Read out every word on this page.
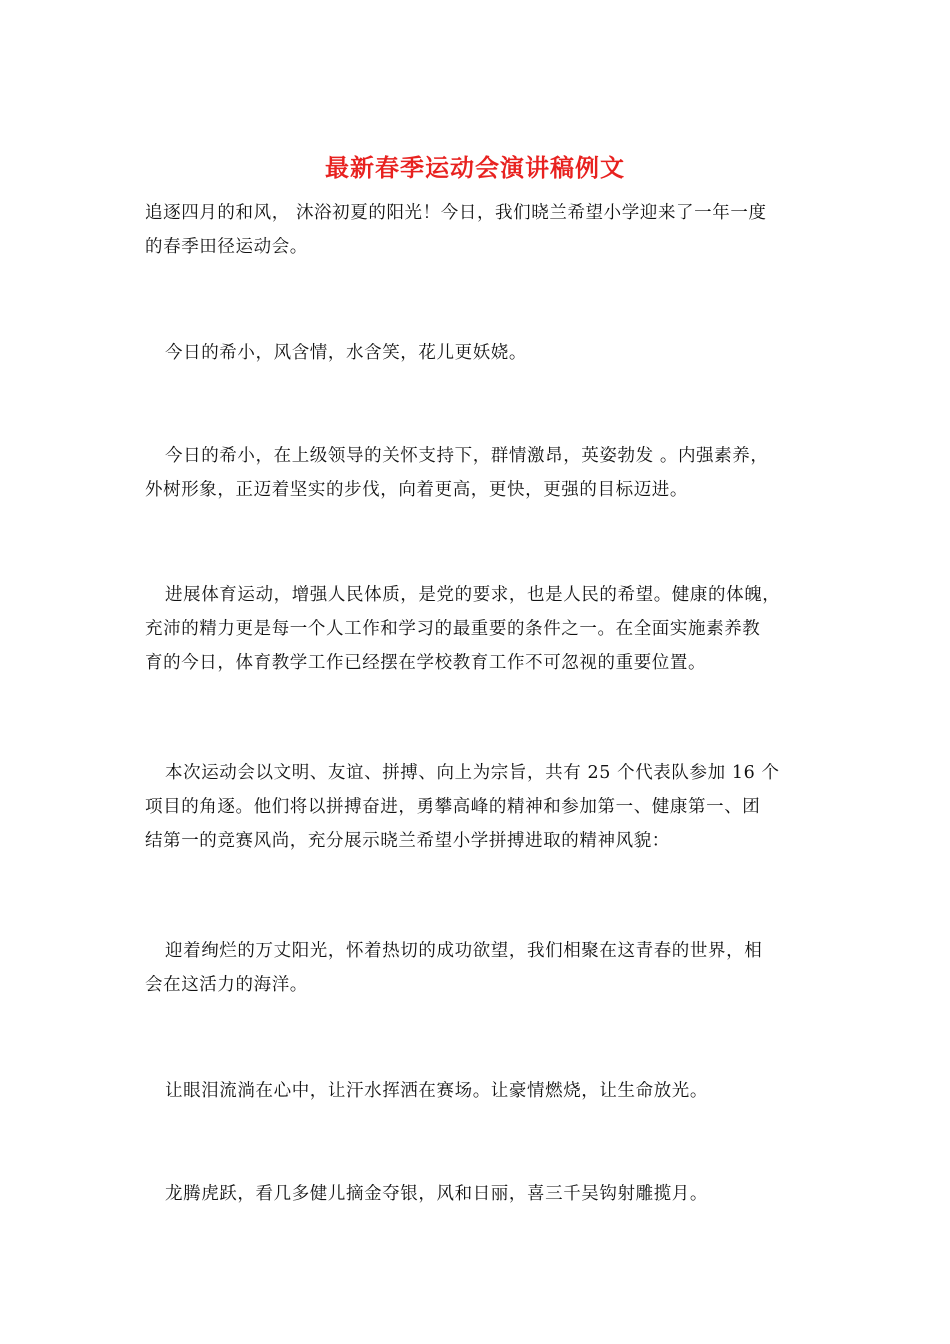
最新春季运动会演讲稿例文

追逐四月的和风， 沐浴初夏的阳光！今日，我们晓兰希望小学迎来了一年一度
的春季田径运动会。

今日的希小，风含情，水含笑，花儿更妖娆。

今日的希小，在上级领导的关怀支持下，群情激昂，英姿勃发 。内强素养，
外树形象，正迈着坚实的步伐，向着更高，更快，更强的目标迈进。

进展体育运动，增强人民体质，是党的要求，也是人民的希望。健康的体魄，
充沛的精力更是每一个人工作和学习的最重要的条件之一。在全面实施素养教
育的今日，体育教学工作已经摆在学校教育工作不可忽视的重要位置。

本次运动会以文明、友谊、拼搏、向上为宗旨，共有 25 个代表队参加 16 个
项目的角逐。他们将以拼搏奋进，勇攀高峰的精神和参加第一、健康第一、团
结第一的竞赛风尚，充分展示晓兰希望小学拼搏进取的精神风貌：

迎着绚烂的万丈阳光，怀着热切的成功欲望，我们相聚在这青春的世界，相
会在这活力的海洋。

让眼泪流淌在心中，让汗水挥洒在赛场。让豪情燃烧，让生命放光。

龙腾虎跃，看几多健儿摘金夺银，风和日丽，喜三千吴钩射雕揽月。
